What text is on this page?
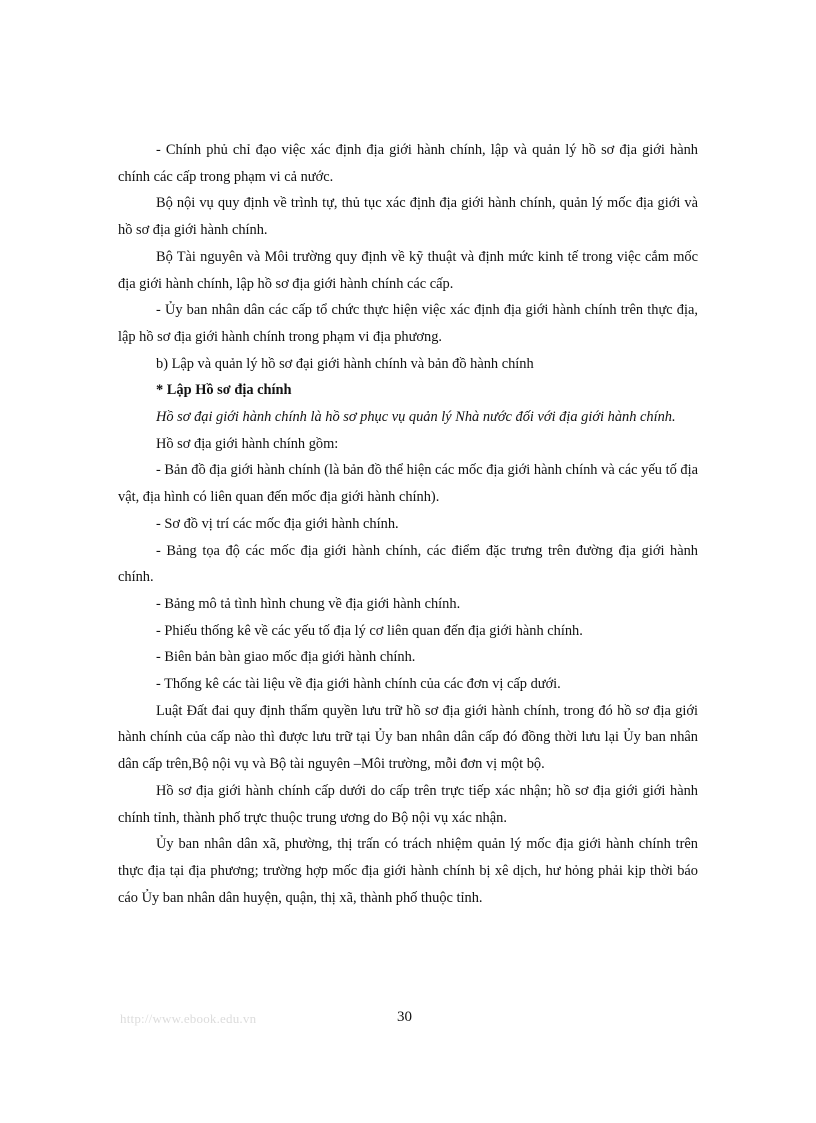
- Chính phủ chỉ đạo việc xác định địa giới hành chính, lập và quản lý hồ sơ địa giới hành chính các cấp trong phạm vi cả nước.

Bộ nội vụ quy định về trình tự, thủ tục xác định địa giới hành chính, quản lý mốc địa giới và hồ sơ địa giới hành chính.

Bộ Tài nguyên và Môi trường quy định về kỹ thuật và định mức kinh tế trong việc cắm mốc địa giới hành chính, lập hồ sơ địa giới hành chính các cấp.

- Ủy ban nhân dân các cấp tổ chức thực hiện việc xác định địa giới hành chính trên thực địa, lập hồ sơ địa giới hành chính trong phạm vi địa phương.

b) Lập và quản lý hồ sơ đại giới hành chính và bản đồ hành chính

* Lập Hồ sơ địa chính

Hồ sơ đại giới hành chính là hồ sơ phục vụ quản lý Nhà nước đối với địa giới hành chính.

Hồ sơ địa giới hành chính gồm:

- Bản đồ địa giới hành chính (là bản đồ thể hiện các mốc địa giới hành chính và các yếu tố địa vật, địa hình có liên quan đến mốc địa giới hành chính).

- Sơ đồ vị trí các mốc địa giới hành chính.

- Bảng tọa độ các mốc địa giới hành chính, các điểm đặc trưng trên đường địa giới hành chính.

- Bảng mô tả tình hình chung về địa giới hành chính.

- Phiếu thống kê về các yếu tố địa lý cơ liên quan đến địa giới hành chính.

- Biên bản bàn giao mốc địa giới hành chính.

- Thống kê các tài liệu về địa giới hành chính của các đơn vị cấp dưới.

Luật Đất đai quy định thẩm quyền lưu trữ hồ sơ địa giới hành chính, trong đó hồ sơ địa giới hành chính của cấp nào thì được lưu trữ tại Ủy ban nhân dân cấp đó đồng thời lưu lại Ủy ban nhân dân cấp trên,Bộ nội vụ và Bộ tài nguyên –Môi trường, mỗi đơn vị một bộ.

Hồ sơ địa giới hành chính cấp dưới do cấp trên trực tiếp xác nhận; hồ sơ địa giới giới hành chính tỉnh, thành phố trực thuộc trung ương do Bộ nội vụ xác nhận.

Ủy ban nhân dân xã, phường, thị trấn có trách nhiệm quản lý mốc địa giới hành chính trên thực địa tại địa phương; trường hợp mốc địa giới hành chính bị xê dịch, hư hỏng phải kịp thời báo cáo Ủy ban nhân dân huyện, quận, thị xã, thành phố thuộc tỉnh.

http://www.ebook.edu.vn	30
